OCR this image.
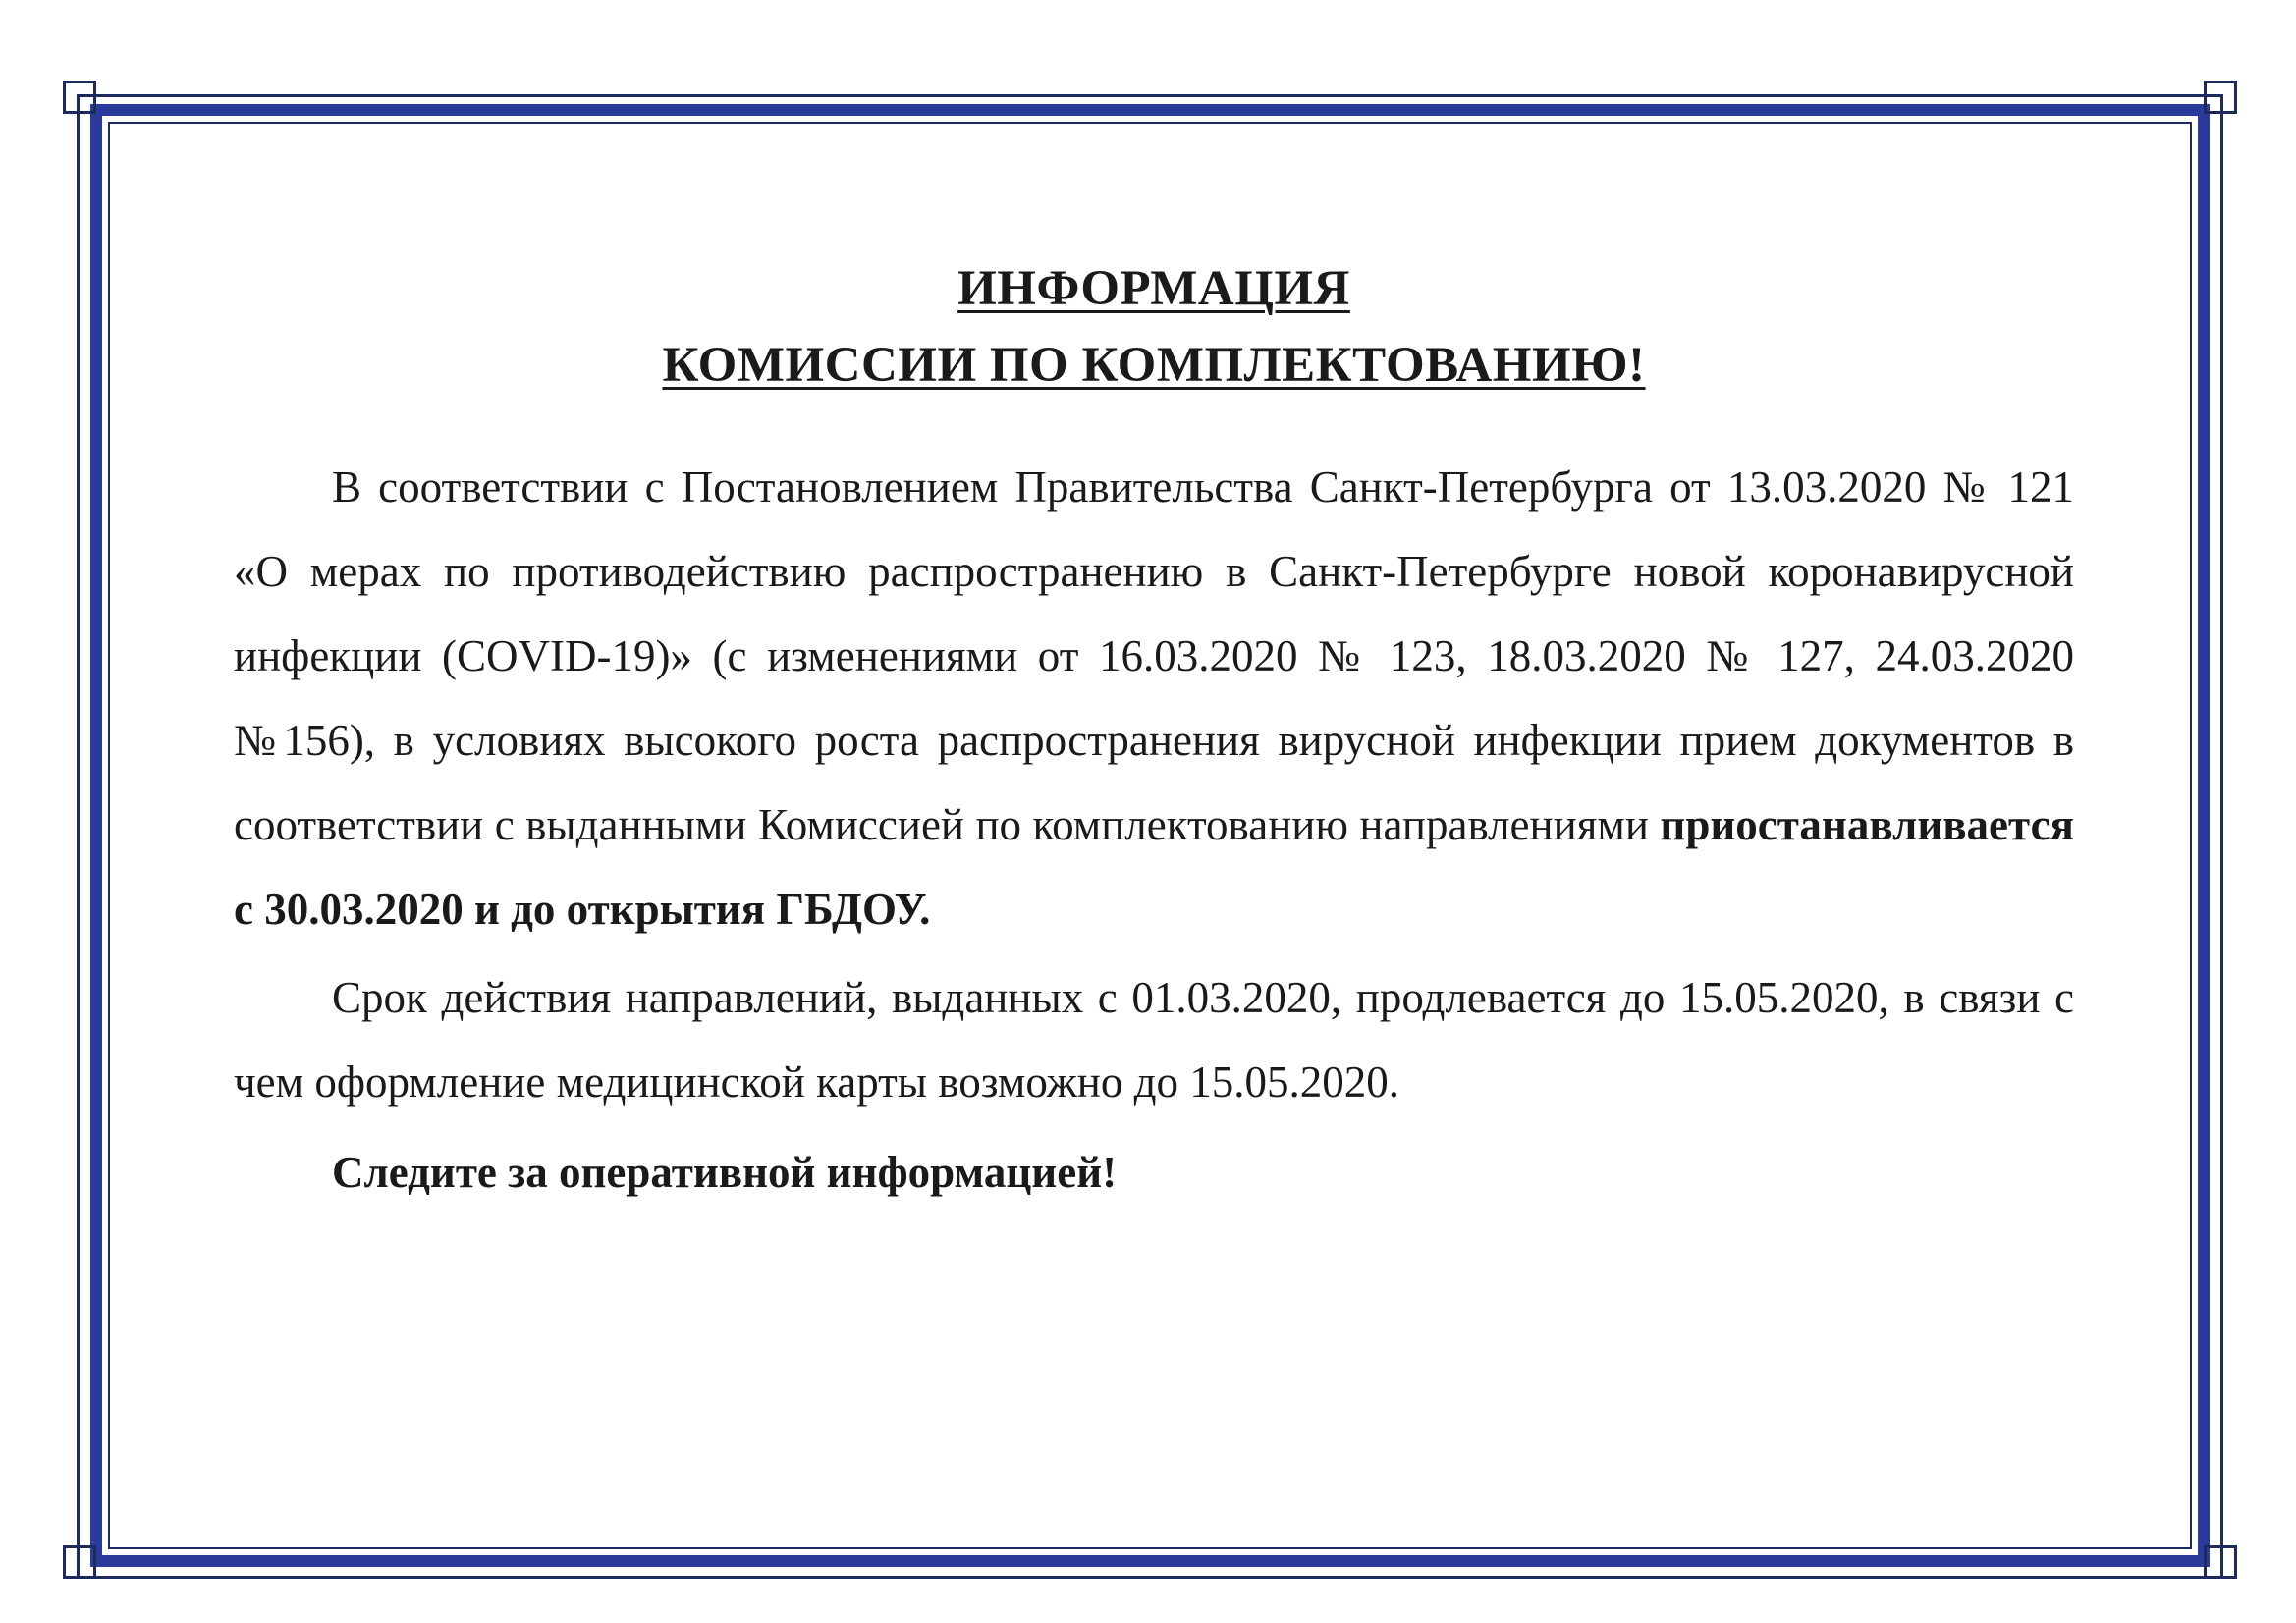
ИНФОРМАЦИЯ
КОМИССИИ ПО КОМПЛЕКТОВАНИЮ!

В соответствии с Постановлением Правительства Санкт-Петербурга от 13.03.2020 № 121 «О мерах по противодействию распространению в Санкт-Петербурге новой коронавирусной инфекции (COVID-19)» (с изменениями от 16.03.2020 № 123, 18.03.2020 № 127, 24.03.2020 №156), в условиях высокого роста распространения вирусной инфекции прием документов в соответствии с выданными Комиссией по комплектованию направлениями приостанавливается с 30.03.2020 и до открытия ГБДОУ.

Срок действия направлений, выданных с 01.03.2020, продлевается до 15.05.2020, в связи с чем оформление медицинской карты возможно до 15.05.2020.

Следите за оперативной информацией!
